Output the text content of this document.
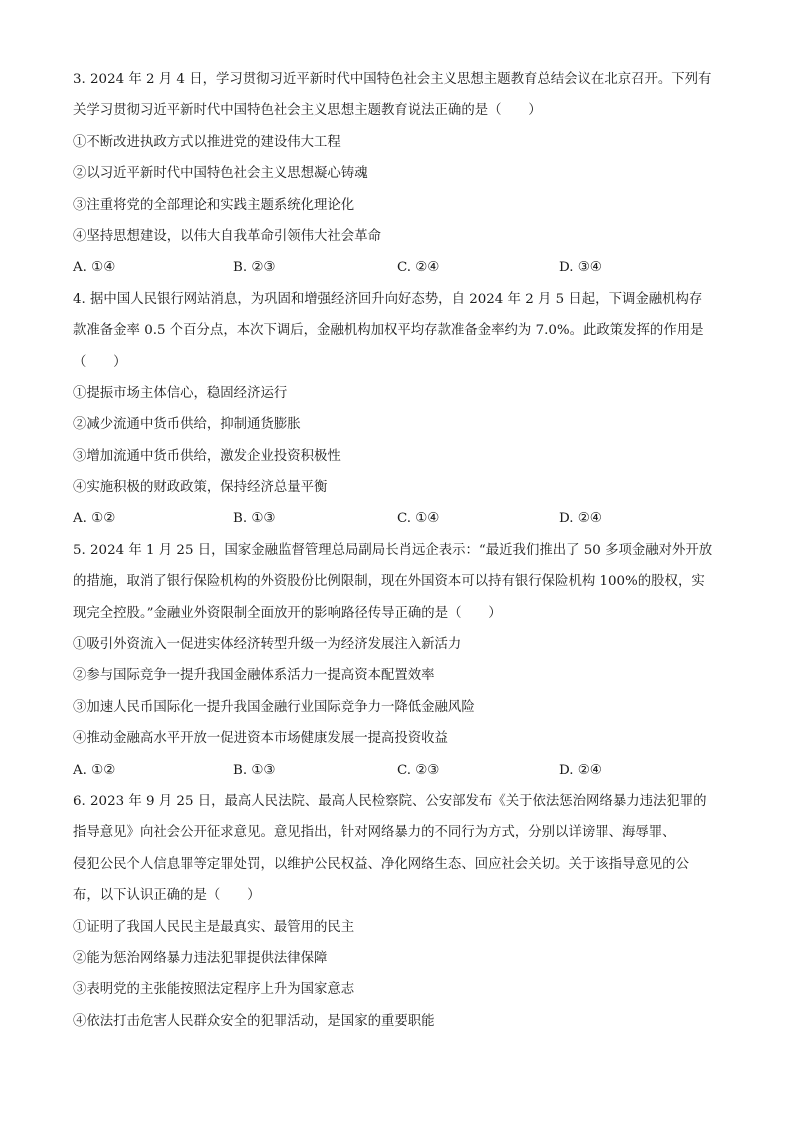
3. 2024 年 2 月 4 日，学习贯彻习近平新时代中国特色社会主义思想主题教育总结会议在北京召开。下列有
关学习贯彻习近平新时代中国特色社会主义思想主题教育说法正确的是（　　）
①不断改进执政方式以推进党的建设伟大工程
②以习近平新时代中国特色社会主义思想凝心铸魂
③注重将党的全部理论和实践主题系统化理论化
④坚持思想建设，以伟大自我革命引领伟大社会革命
A. ①④	B. ②③	C. ②④	D. ③④
4. 据中国人民银行网站消息，为巩固和增强经济回升向好态势，自 2024 年 2 月 5 日起，下调金融机构存
款准备金率 0.5 个百分点，本次下调后，金融机构加权平均存款准备金率约为 7.0%。此政策发挥的作用是
（　　）
①提振市场主体信心，稳固经济运行
②减少流通中货币供给，抑制通货膨胀
③增加流通中货币供给，激发企业投资积极性
④实施积极的财政政策，保持经济总量平衡
A. ①②	B. ①③	C. ①④	D. ②④
5. 2024 年 1 月 25 日，国家金融监督管理总局副局长肖远企表示：“最近我们推出了 50 多项金融对外开放
的措施，取消了银行保险机构的外资股份比例限制，现在外国资本可以持有银行保险机构 100%的股权，实
现完全控股。”金融业外资限制全面放开的影响路径传导正确的是（　　）
①吸引外资流入一促进实体经济转型升级一为经济发展注入新活力
②参与国际竞争一提升我国金融体系活力一提高资本配置效率
③加速人民币国际化一提升我国金融行业国际竞争力一降低金融风险
④推动金融高水平开放一促进资本市场健康发展一提高投资收益
A. ①②	B. ①③	C. ②③	D. ②④
6. 2023 年 9 月 25 日，最高人民法院、最高人民检察院、公安部发布《关于依法惩治网络暴力违法犯罪的
指导意见》向社会公开征求意见。意见指出，针对网络暴力的不同行为方式，分别以详谤罪、海辱罪、
侵犯公民个人信息罪等定罪处罚，以维护公民权益、净化网络生态、回应社会关切。关于该指导意见的公
布，以下认识正确的是（　　）
①证明了我国人民民主是最真实、最管用的民主
②能为惩治网络暴力违法犯罪提供法律保障
③表明党的主张能按照法定程序上升为国家意志
④依法打击危害人民群众安全的犯罪活动，是国家的重要职能
